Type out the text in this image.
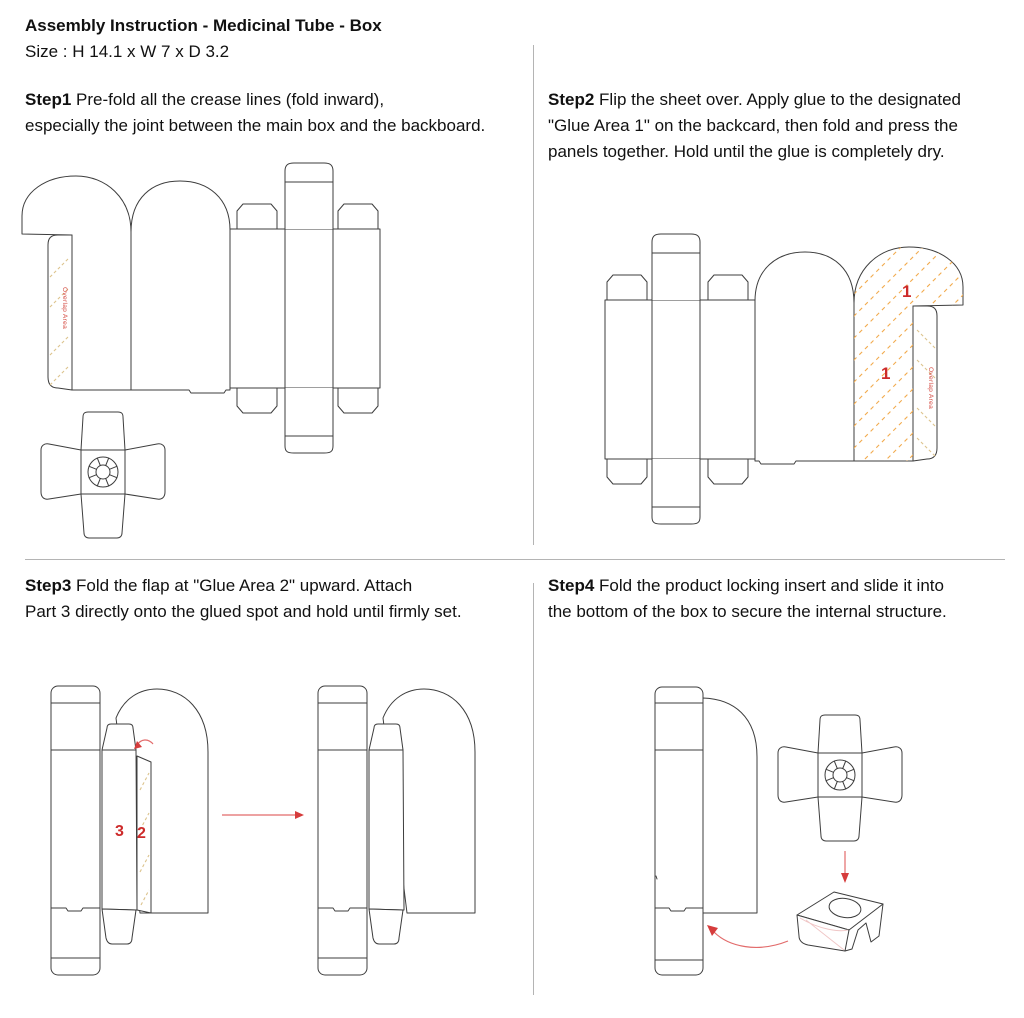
Assembly Instruction - Medicinal Tube - Box

Size : H 14.1 x W 7 x D 3.2

Step1 Pre-fold all the crease lines (fold inward),
especially the joint between the main box and the backboard.

Step2 Flip the sheet over. Apply glue to the designated
"Glue Area 1" on the backcard, then fold and press the
panels together. Hold until the glue is completely dry.

Step3 Fold the flap at "Glue Area 2" upward. Attach
Part 3 directly onto the glued spot and hold until firmly set.

Step4 Fold the product locking insert and slide it into
the bottom of the box to secure the internal structure.

Overlap Area	1
1	Overlap Area
3 2
